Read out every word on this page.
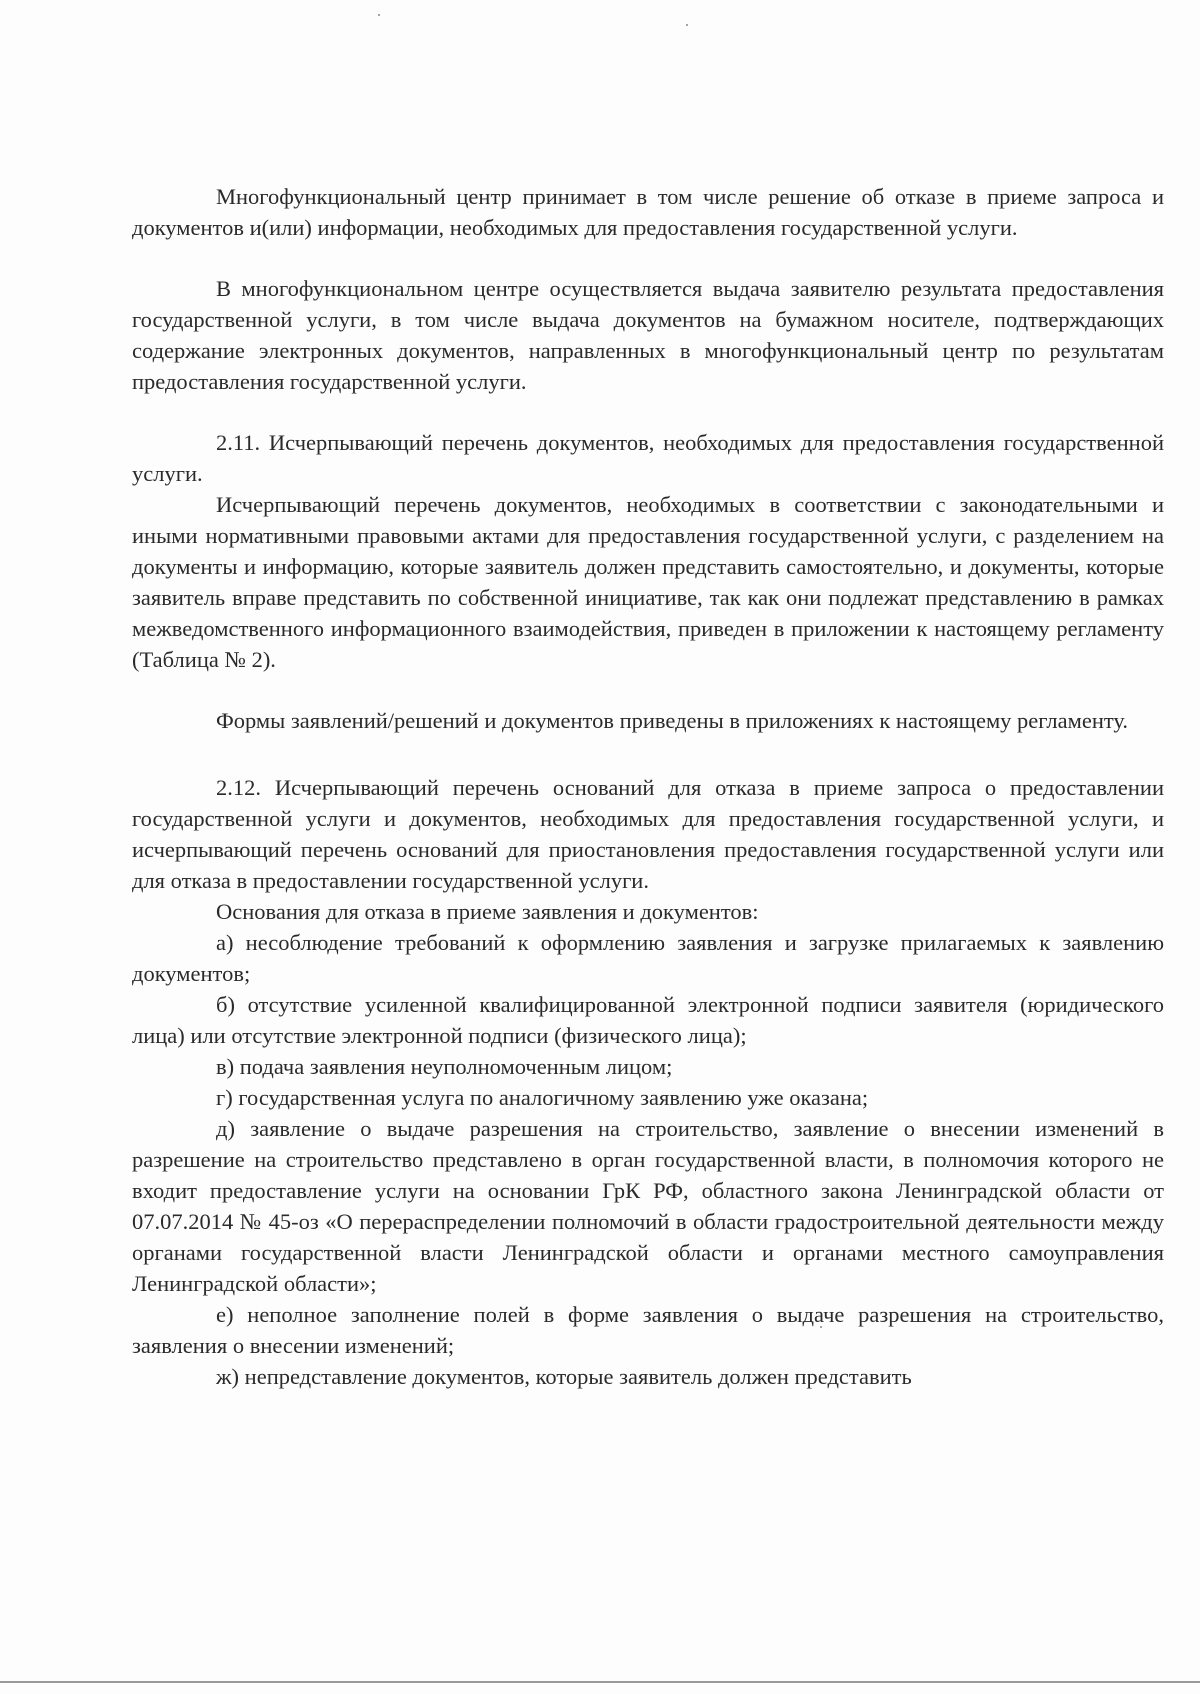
Многофункциональный центр принимает в том числе решение об отказе в приеме запроса и документов и(или) информации, необходимых для предоставления государственной услуги.

В многофункциональном центре осуществляется выдача заявителю результата предоставления государственной услуги, в том числе выдача документов на бумажном носителе, подтверждающих содержание электронных документов, направленных в многофункциональный центр по результатам предоставления государственной услуги.

2.11. Исчерпывающий перечень документов, необходимых для предоставления государственной услуги.

Исчерпывающий перечень документов, необходимых в соответствии с законодательными и иными нормативными правовыми актами для предоставления государственной услуги, с разделением на документы и информацию, которые заявитель должен представить самостоятельно, и документы, которые заявитель вправе представить по собственной инициативе, так как они подлежат представлению в рамках межведомственного информационного взаимодействия, приведен в приложении к настоящему регламенту (Таблица № 2).

Формы заявлений/решений и документов приведены в приложениях к настоящему регламенту.

2.12. Исчерпывающий перечень оснований для отказа в приеме запроса о предоставлении государственной услуги и документов, необходимых для предоставления государственной услуги, и исчерпывающий перечень оснований для приостановления предоставления государственной услуги или для отказа в предоставлении государственной услуги.

Основания для отказа в приеме заявления и документов:

а) несоблюдение требований к оформлению заявления и загрузке прилагаемых к заявлению документов;

б) отсутствие усиленной квалифицированной электронной подписи заявителя (юридического лица) или отсутствие электронной подписи (физического лица);

в) подача заявления неуполномоченным лицом;

г) государственная услуга по аналогичному заявлению уже оказана;

д) заявление о выдаче разрешения на строительство, заявление о внесении изменений в разрешение на строительство представлено в орган государственной власти, в полномочия которого не входит предоставление услуги на основании ГрК РФ, областного закона Ленинградской области от 07.07.2014 № 45-оз «О перераспределении полномочий в области градостроительной деятельности между органами государственной власти Ленинградской области и органами местного самоуправления Ленинградской области»;

е) неполное заполнение полей в форме заявления о выдаче разрешения на строительство, заявления о внесении изменений;

ж) непредставление документов, которые заявитель должен представить
